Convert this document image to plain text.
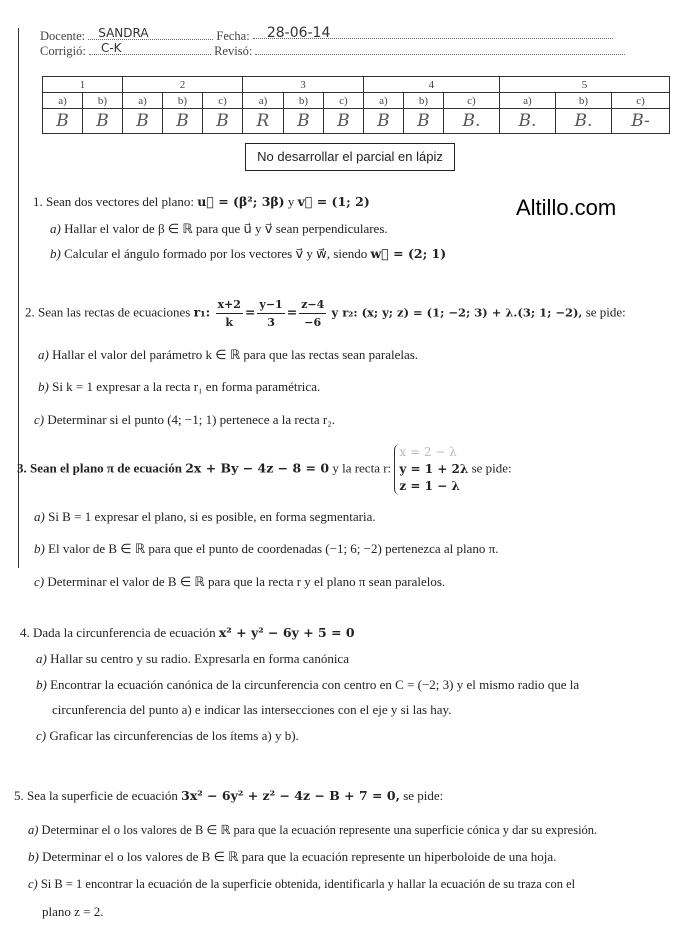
Docente: SANDRA	Fecha: 28-06-14
Corrigió: C-K	Revisó:
1		2			3			4			5		
a)	b)	a)	b)	c)	a)	b)	c)	a)	b)	c)	a)	b)	c)
B	B	B	B	B	R	B	B	B	B	B.	B.	B.	B-
No desarrollar el parcial en lápiz
Altillo.com
1. Sean dos vectores del plano: u⃗ = (β²; 3β) y v⃗ = (1; 2)
a) Hallar el valor de β ∈ ℝ para que u⃗ y v⃗ sean perpendiculares.
b) Calcular el ángulo formado por los vectores v⃗ y w⃗, siendo w⃗ = (2; 1)
2. Sean las rectas de ecuaciones r₁: $\frac{x+2}{k} = \frac{y-1}{3} = \frac{z-4}{-6}$ y r₂: (x; y; z) = (1; −2; 3) + λ.(3; 1; −2), se pide:
a) Hallar el valor del parámetro k ∈ ℝ para que las rectas sean paralelas.
b) Si k = 1 expresar a la recta r₁ en forma paramétrica.
c) Determinar si el punto (4; −1; 1) pertenece a la recta r₂.
3. Sean el plano π de ecuación 2x + By − 4z − 8 = 0 y la recta r:
x = 2 − λ
y = 1 + 2λ
z = 1 − λ
se pide:
a) Si B = 1 expresar el plano, si es posible, en forma segmentaria.
b) El valor de B ∈ ℝ para que el punto de coordenadas (−1; 6; −2) pertenezca al plano π.
c) Determinar el valor de B ∈ ℝ para que la recta r y el plano π sean paralelos.
4. Dada la circunferencia de ecuación x² + y² − 6y + 5 = 0
a) Hallar su centro y su radio. Expresarla en forma canónica
b) Encontrar la ecuación canónica de la circunferencia con centro en C = (−2; 3) y el mismo radio que la
circunferencia del punto a) e indicar las intersecciones con el eje y si las hay.
c) Graficar las circunferencias de los ítems a) y b).
5. Sea la superficie de ecuación 3x² − 6y² + z² − 4z − B + 7 = 0, se pide:
a) Determinar el o los valores de B ∈ ℝ para que la ecuación represente una superficie cónica y dar su expresión.
b) Determinar el o los valores de B ∈ ℝ para que la ecuación represente un hiperboloide de una hoja.
c) Si B = 1 encontrar la ecuación de la superficie obtenida, identificarla y hallar la ecuación de su traza con el
plano z = 2.
